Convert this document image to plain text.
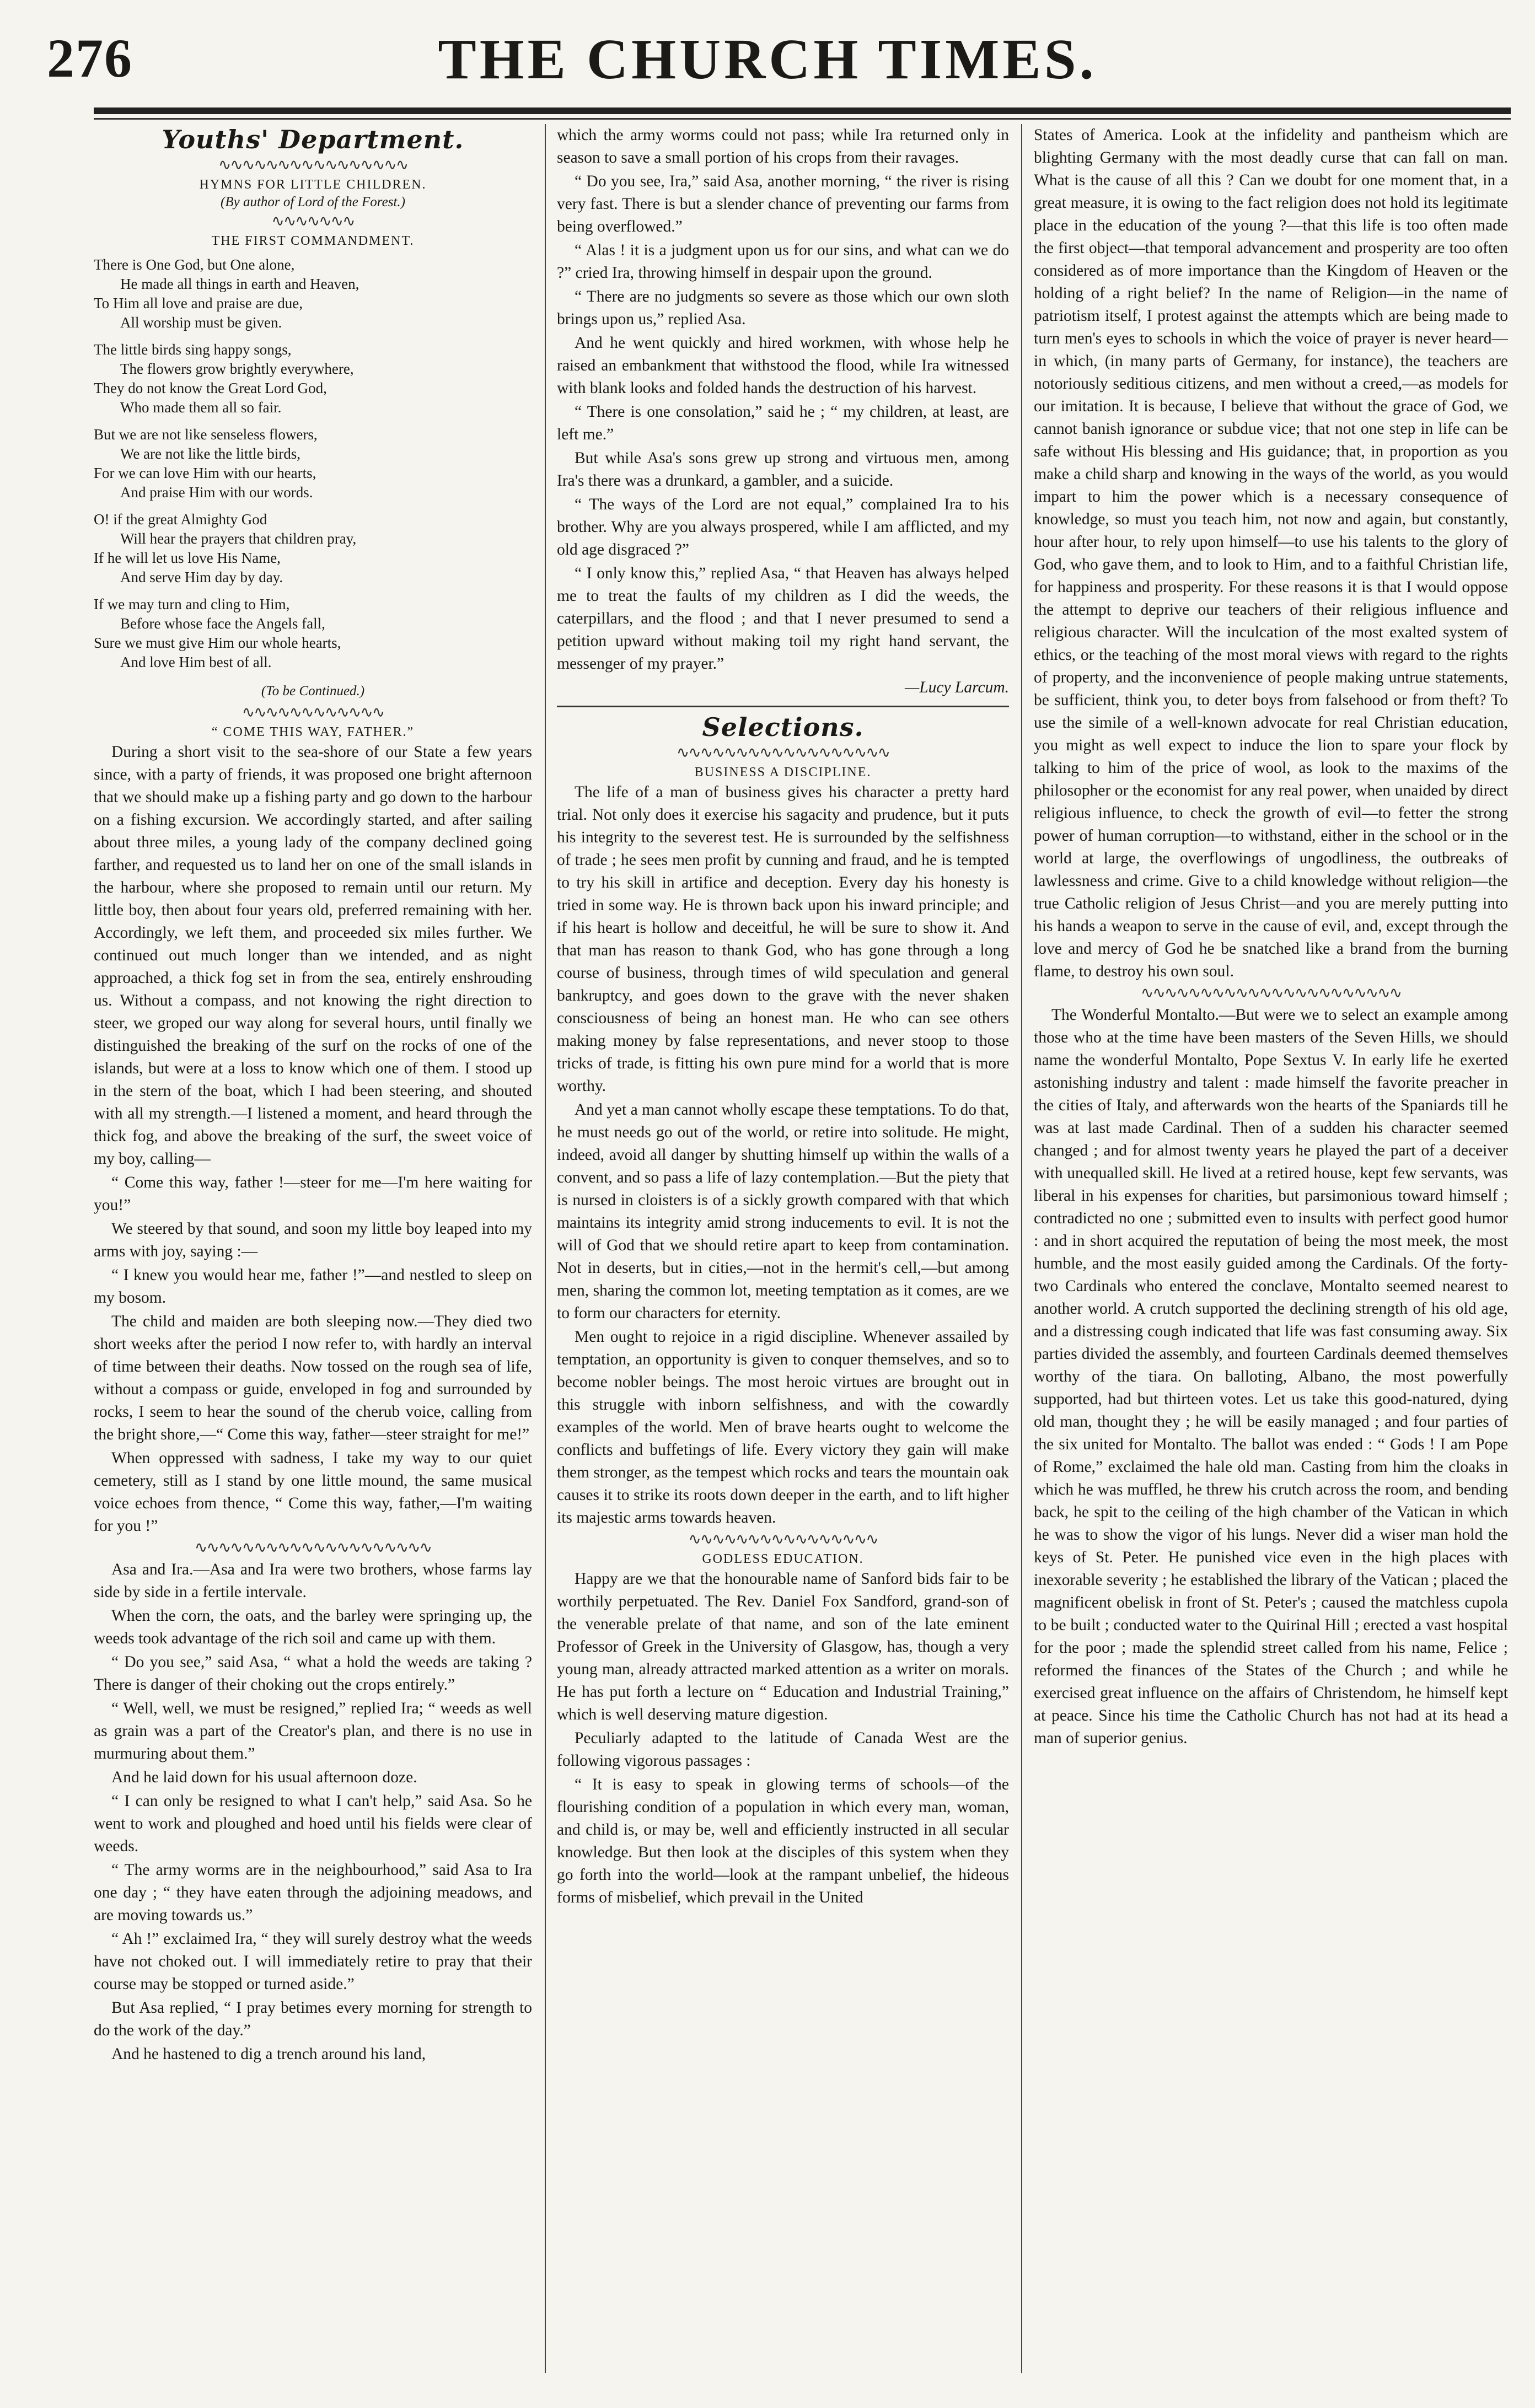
276	THE CHURCH TIMES.
Youths' Department.
∿∿∿∿∿∿∿∿∿∿∿∿∿∿∿∿
HYMNS FOR LITTLE CHILDREN.
(By author of Lord of the Forest.)
∿∿∿∿∿∿∿
THE FIRST COMMANDMENT.
There is One God, but One alone,
He made all things in earth and Heaven,
To Him all love and praise are due,
All worship must be given.
The little birds sing happy songs,
The flowers grow brightly everywhere,
They do not know the Great Lord God,
Who made them all so fair.
But we are not like senseless flowers,
We are not like the little birds,
For we can love Him with our hearts,
And praise Him with our words.
O! if the great Almighty God
Will hear the prayers that children pray,
If he will let us love His Name,
And serve Him day by day.
If we may turn and cling to Him,
Before whose face the Angels fall,
Sure we must give Him our whole hearts,
And love Him best of all.
(To be Continued.)
∿∿∿∿∿∿∿∿∿∿∿∿
“ COME THIS WAY, FATHER.”

During a short visit to the sea-shore of our State a few years since, with a party of friends, it was proposed one bright afternoon that we should make up a fishing party and go down to the harbour on a fishing excursion. We accordingly started, and after sailing about three miles, a young lady of the company declined going farther, and requested us to land her on one of the small islands in the harbour, where she proposed to remain until our return. My little boy, then about four years old, preferred remaining with her. Accordingly, we left them, and proceeded six miles further. We continued out much longer than we intended, and as night approached, a thick fog set in from the sea, entirely enshrouding us. Without a compass, and not knowing the right direction to steer, we groped our way along for several hours, until finally we distinguished the breaking of the surf on the rocks of one of the islands, but were at a loss to know which one of them. I stood up in the stern of the boat, which I had been steering, and shouted with all my strength.—I listened a moment, and heard through the thick fog, and above the breaking of the surf, the sweet voice of my boy, calling—

“ Come this way, father !—steer for me—I'm here waiting for you!”

We steered by that sound, and soon my little boy leaped into my arms with joy, saying :—

“ I knew you would hear me, father !”—and nestled to sleep on my bosom.

The child and maiden are both sleeping now.—They died two short weeks after the period I now refer to, with hardly an interval of time between their deaths. Now tossed on the rough sea of life, without a compass or guide, enveloped in fog and surrounded by rocks, I seem to hear the sound of the cherub voice, calling from the bright shore,—“ Come this way, father—steer straight for me!”

When oppressed with sadness, I take my way to our quiet cemetery, still as I stand by one little mound, the same musical voice echoes from thence, “ Come this way, father,—I'm waiting for you !”

∿∿∿∿∿∿∿∿∿∿∿∿∿∿∿∿∿∿∿∿

Asa and Ira.—Asa and Ira were two brothers, whose farms lay side by side in a fertile intervale.

When the corn, the oats, and the barley were springing up, the weeds took advantage of the rich soil and came up with them.

“ Do you see,” said Asa, “ what a hold the weeds are taking ? There is danger of their choking out the crops entirely.”

“ Well, well, we must be resigned,” replied Ira; “ weeds as well as grain was a part of the Creator's plan, and there is no use in murmuring about them.”

And he laid down for his usual afternoon doze.

“ I can only be resigned to what I can't help,” said Asa. So he went to work and ploughed and hoed until his fields were clear of weeds.

“ The army worms are in the neighbourhood,” said Asa to Ira one day ; “ they have eaten through the adjoining meadows, and are moving towards us.”

“ Ah !” exclaimed Ira, “ they will surely destroy what the weeds have not choked out. I will immediately retire to pray that their course may be stopped or turned aside.”

But Asa replied, “ I pray betimes every morning for strength to do the work of the day.”

And he hastened to dig a trench around his land,

which the army worms could not pass; while Ira returned only in season to save a small portion of his crops from their ravages.

“ Do you see, Ira,” said Asa, another morning, “ the river is rising very fast. There is but a slender chance of preventing our farms from being overflowed.”

“ Alas ! it is a judgment upon us for our sins, and what can we do ?” cried Ira, throwing himself in despair upon the ground.

“ There are no judgments so severe as those which our own sloth brings upon us,” replied Asa.

And he went quickly and hired workmen, with whose help he raised an embankment that withstood the flood, while Ira witnessed with blank looks and folded hands the destruction of his harvest.

“ There is one consolation,” said he ; “ my children, at least, are left me.”

But while Asa's sons grew up strong and virtuous men, among Ira's there was a drunkard, a gambler, and a suicide.

“ The ways of the Lord are not equal,” complained Ira to his brother. Why are you always prospered, while I am afflicted, and my old age disgraced ?”

“ I only know this,” replied Asa, “ that Heaven has always helped me to treat the faults of my children as I did the weeds, the caterpillars, and the flood ; and that I never presumed to send a petition upward without making toil my right hand servant, the messenger of my prayer.”

—Lucy Larcum.
Selections.
∿∿∿∿∿∿∿∿∿∿∿∿∿∿∿∿∿∿
BUSINESS A DISCIPLINE.

The life of a man of business gives his character a pretty hard trial. Not only does it exercise his sagacity and prudence, but it puts his integrity to the severest test. He is surrounded by the selfishness of trade ; he sees men profit by cunning and fraud, and he is tempted to try his skill in artifice and deception. Every day his honesty is tried in some way. He is thrown back upon his inward principle; and if his heart is hollow and deceitful, he will be sure to show it. And that man has reason to thank God, who has gone through a long course of business, through times of wild speculation and general bankruptcy, and goes down to the grave with the never shaken consciousness of being an honest man. He who can see others making money by false representations, and never stoop to those tricks of trade, is fitting his own pure mind for a world that is more worthy.

And yet a man cannot wholly escape these temptations. To do that, he must needs go out of the world, or retire into solitude. He might, indeed, avoid all danger by shutting himself up within the walls of a convent, and so pass a life of lazy contemplation.—But the piety that is nursed in cloisters is of a sickly growth compared with that which maintains its integrity amid strong inducements to evil. It is not the will of God that we should retire apart to keep from contamination. Not in deserts, but in cities,—not in the hermit's cell,—but among men, sharing the common lot, meeting temptation as it comes, are we to form our characters for eternity.

Men ought to rejoice in a rigid discipline. Whenever assailed by temptation, an opportunity is given to conquer themselves, and so to become nobler beings. The most heroic virtues are brought out in this struggle with inborn selfishness, and with the cowardly examples of the world. Men of brave hearts ought to welcome the conflicts and buffetings of life. Every victory they gain will make them stronger, as the tempest which rocks and tears the mountain oak causes it to strike its roots down deeper in the earth, and to lift higher its majestic arms towards heaven.

∿∿∿∿∿∿∿∿∿∿∿∿∿∿∿∿
GODLESS EDUCATION.

Happy are we that the honourable name of Sanford bids fair to be worthily perpetuated. The Rev. Daniel Fox Sandford, grand-son of the venerable prelate of that name, and son of the late eminent Professor of Greek in the University of Glasgow, has, though a very young man, already attracted marked attention as a writer on morals. He has put forth a lecture on “ Education and Industrial Training,” which is well deserving mature digestion.

Peculiarly adapted to the latitude of Canada West are the following vigorous passages :

“ It is easy to speak in glowing terms of schools—of the flourishing condition of a population in which every man, woman, and child is, or may be, well and efficiently instructed in all secular knowledge. But then look at the disciples of this system when they go forth into the world—look at the rampant unbelief, the hideous forms of misbelief, which prevail in the United

States of America. Look at the infidelity and pantheism which are blighting Germany with the most deadly curse that can fall on man. What is the cause of all this ? Can we doubt for one moment that, in a great measure, it is owing to the fact religion does not hold its legitimate place in the education of the young ?—that this life is too often made the first object—that temporal advancement and prosperity are too often considered as of more importance than the Kingdom of Heaven or the holding of a right belief? In the name of Religion—in the name of patriotism itself, I protest against the attempts which are being made to turn men's eyes to schools in which the voice of prayer is never heard—in which, (in many parts of Germany, for instance), the teachers are notoriously seditious citizens, and men without a creed,—as models for our imitation. It is because, I believe that without the grace of God, we cannot banish ignorance or subdue vice; that not one step in life can be safe without His blessing and His guidance; that, in proportion as you make a child sharp and knowing in the ways of the world, as you would impart to him the power which is a necessary consequence of knowledge, so must you teach him, not now and again, but constantly, hour after hour, to rely upon himself—to use his talents to the glory of God, who gave them, and to look to Him, and to a faithful Christian life, for happiness and prosperity. For these reasons it is that I would oppose the attempt to deprive our teachers of their religious influence and religious character. Will the inculcation of the most exalted system of ethics, or the teaching of the most moral views with regard to the rights of property, and the inconvenience of people making untrue statements, be sufficient, think you, to deter boys from falsehood or from theft? To use the simile of a well-known advocate for real Christian education, you might as well expect to induce the lion to spare your flock by talking to him of the price of wool, as look to the maxims of the philosopher or the economist for any real power, when unaided by direct religious influence, to check the growth of evil—to fetter the strong power of human corruption—to withstand, either in the school or in the world at large, the overflowings of ungodliness, the outbreaks of lawlessness and crime. Give to a child knowledge without religion—the true Catholic religion of Jesus Christ—and you are merely putting into his hands a weapon to serve in the cause of evil, and, except through the love and mercy of God he be snatched like a brand from the burning flame, to destroy his own soul.

∿∿∿∿∿∿∿∿∿∿∿∿∿∿∿∿∿∿∿∿∿∿

The Wonderful Montalto.—But were we to select an example among those who at the time have been masters of the Seven Hills, we should name the wonderful Montalto, Pope Sextus V. In early life he exerted astonishing industry and talent : made himself the favorite preacher in the cities of Italy, and afterwards won the hearts of the Spaniards till he was at last made Cardinal. Then of a sudden his character seemed changed ; and for almost twenty years he played the part of a deceiver with unequalled skill. He lived at a retired house, kept few servants, was liberal in his expenses for charities, but parsimonious toward himself ; contradicted no one ; submitted even to insults with perfect good humor : and in short acquired the reputation of being the most meek, the most humble, and the most easily guided among the Cardinals. Of the forty-two Cardinals who entered the conclave, Montalto seemed nearest to another world. A crutch supported the declining strength of his old age, and a distressing cough indicated that life was fast consuming away. Six parties divided the assembly, and fourteen Cardinals deemed themselves worthy of the tiara. On balloting, Albano, the most powerfully supported, had but thirteen votes. Let us take this good-natured, dying old man, thought they ; he will be easily managed ; and four parties of the six united for Montalto. The ballot was ended : “ Gods ! I am Pope of Rome,” exclaimed the hale old man. Casting from him the cloaks in which he was muffled, he threw his crutch across the room, and bending back, he spit to the ceiling of the high chamber of the Vatican in which he was to show the vigor of his lungs. Never did a wiser man hold the keys of St. Peter. He punished vice even in the high places with inexorable severity ; he established the library of the Vatican ; placed the magnificent obelisk in front of St. Peter's ; caused the matchless cupola to be built ; conducted water to the Quirinal Hill ; erected a vast hospital for the poor ; made the splendid street called from his name, Felice ; reformed the finances of the States of the Church ; and while he exercised great influence on the affairs of Christendom, he himself kept at peace. Since his time the Catholic Church has not had at its head a man of superior genius.
